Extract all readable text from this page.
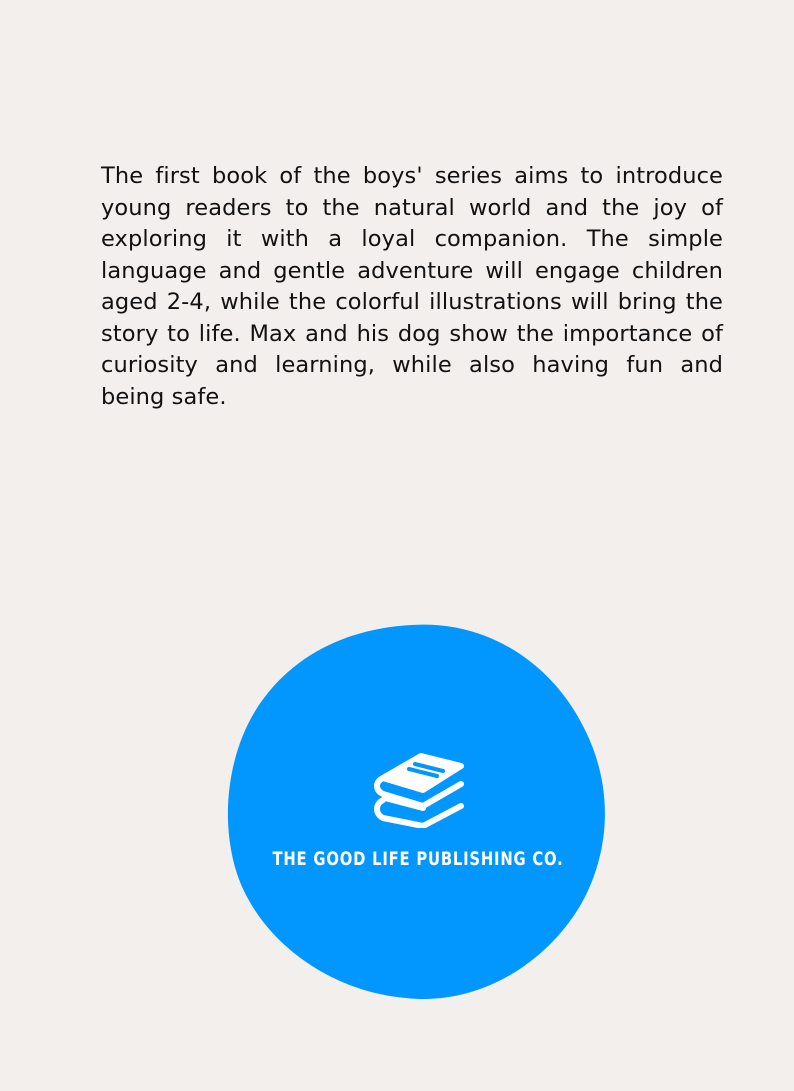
The first book of the boys' series aims to introduce young readers to the natural world and the joy of exploring it with a loyal companion. The simple language and gentle adventure will engage children aged 2-4, while the colorful illustrations will bring the story to life. Max and his dog show the importance of curiosity and learning, while also having fun and being safe.

THE GOOD LIFE PUBLISHING CO.
